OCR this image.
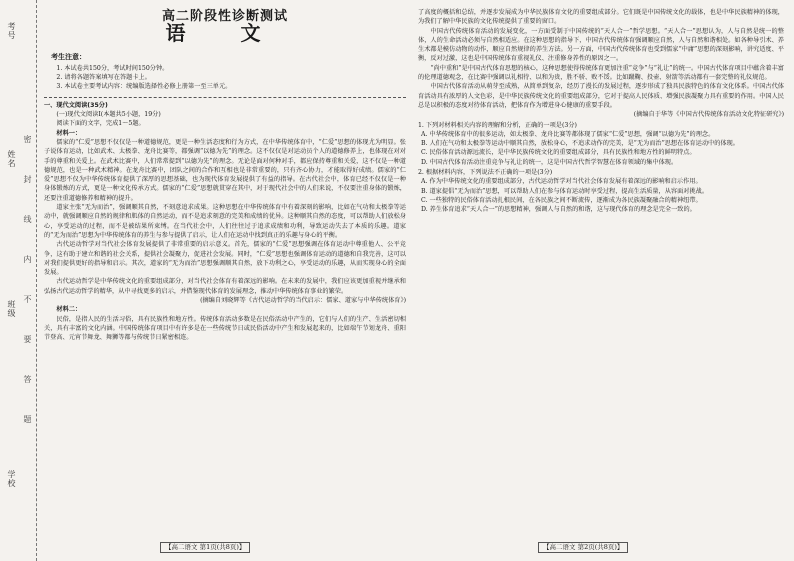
考号
姓名
班级
学校
密
封
线
内
不
要
答
题
高二阶段性诊断测试
语 文
考生注意：

1. 本试卷共150分，考试时间150分钟。

2. 请将各题答案填写在答题卡上。

3. 本试卷主要考试内容：统编版选择性必修上册第一至三单元。

一、现代文阅读(35分)

(一)现代文阅读Ⅰ(本题共5小题，19分)

阅读下面的文字，完成1～5题。

材料一：

儒家的“仁爱”思想不仅仅是一种道德规范，更是一种生活态度和行为方式，在中华传统体育中，“仁爱”思想的体现尤为明显。张子说体育运动，比如武术、太极拳、龙舟比赛等，都强调“以德为先”的理念。这不仅仅是对运动员个人的道德修养上，也体现在对对手的尊重和关爱上。在武术比赛中，人们常常提到“以德为先”的理念。无论是面对何种对手，都应保持尊重和关爱，这不仅是一种道德规范，也是一种武术精神。在龙舟比赛中，团队之间的合作和互相也是非常重要的，只有齐心协力，才能取得好成绩。儒家的“仁爱”思想不仅为中华传统体育提供了深厚的思想基础，也为现代体育发展提供了有益的指导。在古代社会中，体育已经不仅仅是一种身体锻炼的方式，更是一种文化传承方式。儒家的“仁爱”思想就贯穿在其中，对于现代社会中的人们来说，不仅要注重身体的锻炼，还要注重道德修养和精神的提升。

道家主张“无为而治”，强调顺其自然，不刻意追求成果。这种思想在中华传统体育中有着深刻的影响，比如在气功和太极拳等运动中，就强调顺应自然的规律和肌体的自然运动，而不是追求刻意的完美和成绩的优异。这种顺其自然的态度，可以帮助人们放松身心，享受运动的过程，而不是被结果所束缚。在当代社会中，人们往往过于追求成绩和功利，导致运动失去了本质的乐趣。道家的“无为而治”思想为中华传统体育的养生与参与提供了启示，让人们在运动中找到真正的乐趣与身心的平衡。

古代运动哲学对当代社会体育发展提供了非常重要的启示意义。首先，儒家的“仁爱”思想强调在体育运动中尊重他人、公平竞争，这有助于建立和谐的社会关系，提供社会凝聚力，促进社会发展。同时，“仁爱”思想也强调体育运动的道德和自我完善，这可以对我们提供更好的指导和启示。其次，道家的“无为而治”思想强调顺其自然，放下功利之心，享受运动的乐趣，从而实现身心的全面发展。

古代运动哲学是中华传统文化的重要组成部分，对当代社会体育有着深远的影响。在未来的发展中，我们应该更加重视并继承和弘扬古代运动哲学的精华，从中寻找更多的启示，并借鉴现代体育的发展理念，推动中华传统体育事业的繁荣。

(摘编自刘晓辉等《古代运动哲学的当代启示：儒家、道家与中华传统体育》)

材料二：

民俗，是指人民的生活习俗，具有民族性和地方性。传统体育活动多数是在民俗活动中产生的，它们与人们的生产、生活密切相关，具有丰富的文化内涵。中国传统体育项目中有许多是在一些传统节日或民俗活动中产生和发展起来的，比如端午节划龙舟、重阳节登高、元宵节舞龙、舞狮等都与传统节日紧密相连。

【高二语文 第1页(共8页)】

了高度的概括和总结，并逐步发展成为中华民族体育文化的重要组成部分。它们既是中国传统文化的载体，也是中华民族精神的体现，为我们了解中华民族的文化传统提供了重要的窗口。

中国古代传统体育活动的发展变化，一方面受制于中国传统的“天人合一”哲学思想。“天人合一”思想认为，人与自然是统一的整体，人的生命活动必须与自然相适应。在这种思想的指导下，中国古代传统体育强调顺应自然，人与自然和谐相处。如各种导引术、养生术都是模仿动物的动作，顺应自然规律的养生方法。另一方面，中国古代传统体育也受到儒家“中庸”思想的深刻影响，讲究适度、平衡，反对过激，这也是中国传统体育重视礼仪、注重修身养性的原因之一。

“尚中重和”是中国古代体育思想的核心，这种思想使得传统体育更加注重“竞争”与“礼让”的统一。中国古代体育项目中蕴含着丰富的伦理道德观念，在比赛中强调以礼相待、以和为贵，胜不骄、败不馁。比如蹴鞠、投壶、射箭等活动都有一套完整的礼仪规范。

中国古代体育活动从萌芽至成熟，从简单到复杂，经历了漫长的发展过程，逐步形成了独具民族特色的体育文化体系。中国古代体育活动具有浓厚的人文色彩，是中华民族传统文化的重要组成部分，它对于提高人民体质、增强民族凝聚力具有重要的作用。中国人民总是以积极的态度对待体育活动，把体育作为增进身心健康的重要手段。

(摘编自于华等《中国古代传统体育活动文化特征研究》)

1. 下列对材料相关内容的理解和分析，正确的一项是(3分)

A. 中华传统体育中的很多运动，如太极拳、龙舟比赛等都体现了儒家“仁爱”思想，强调“以德为先”的理念。
B. 人们在气功和太极拳等运动中顺其自然，放松身心，不追求动作的完美，是“无为而治”思想在体育运动中的体现。
C. 民俗体育活动源远流长，是中华民族传统文化的重要组成部分，具有民族性和地方性的鲜明特点。
D. 中国古代体育活动注重竞争与礼让的统一，这是中国古代哲学智慧在体育领域的集中体现。

2. 根据材料内容，下列说法不正确的一项是(3分)

A. 作为中华传统文化的重要组成部分，古代运动哲学对当代社会体育发展有着深远的影响和启示作用。
B. 道家提倡“无为而治”思想，可以帮助人们在参与体育运动时享受过程，提高生活质量，从容面对挑战。
C. 一些独特的民俗体育活动扎根民间，在各民族之间不断流传，逐渐成为各民族凝聚融合的精神纽带。
D. 养生体育追求“天人合一”的思想精神，强调人与自然的和谐，这与现代体育的理念是完全一致的。
【高二语文 第2页(共8页)】
